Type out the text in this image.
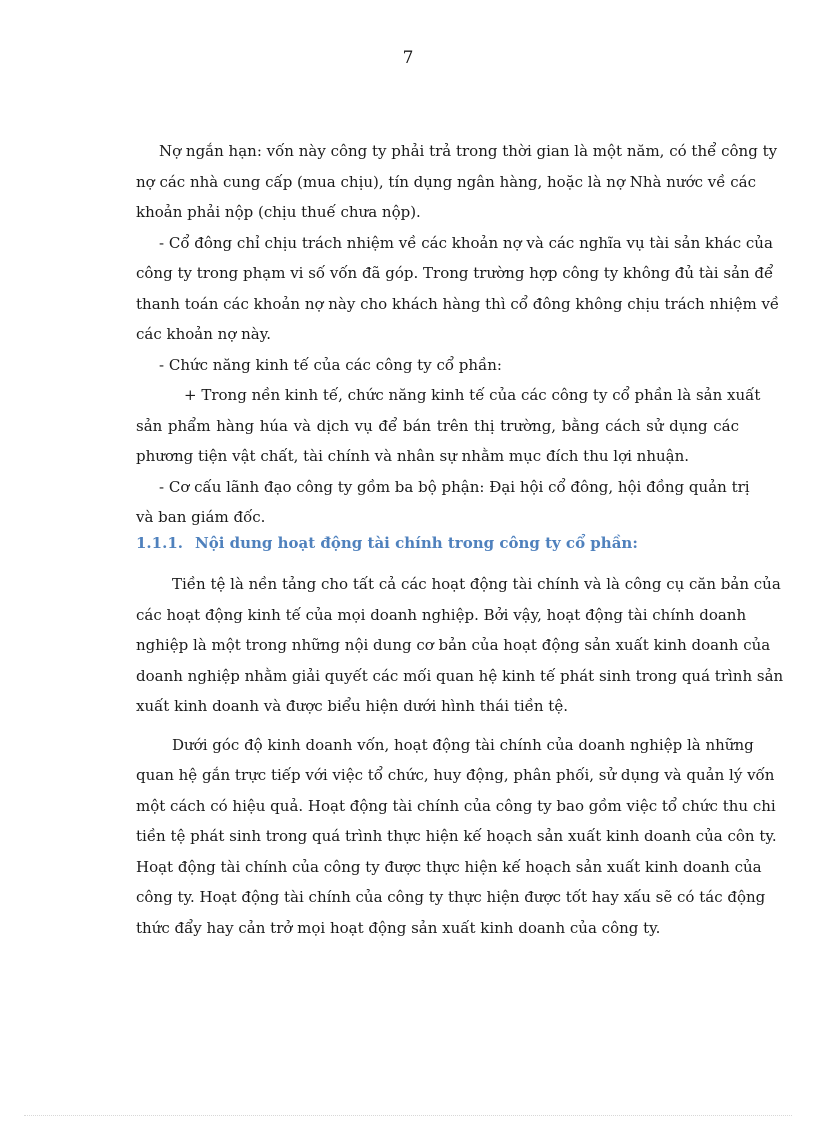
7
Nợ ngắn hạn: vốn này công ty phải trả trong thời gian là một năm, có thể công ty
nợ các nhà cung cấp (mua chịu), tín dụng ngân hàng, hoặc là nợ Nhà nước về các
khoản phải nộp (chịu thuế chưa nộp).
- Cổ đông chỉ chịu trách nhiệm về các khoản nợ và các nghĩa vụ tài sản khác của
công ty trong phạm vi số vốn đã góp. Trong trường hợp công ty không đủ tài sản để
thanh toán các khoản nợ này cho khách hàng thì cổ đông không chịu trách nhiệm về
các khoản nợ này.
- Chức năng kinh tế của các công ty cổ phần:
+ Trong nền kinh tế, chức năng kinh tế của các công ty cổ phần là sản xuất
sản phẩm hàng húa và dịch vụ để bán trên thị trường, bằng cách sử dụng các
phương tiện vật chất, tài chính và nhân sự nhằm mục đích thu lợi nhuận.
- Cơ cấu lãnh đạo công ty gồm ba bộ phận: Đại hội cổ đông, hội đồng quản trị
và ban giám đốc.
1.1.1. Nội dung hoạt động tài chính trong công ty cổ phần:
Tiền tệ là nền tảng cho tất cả các hoạt động tài chính và là công cụ căn bản của
các hoạt động kinh tế của mọi doanh nghiệp. Bởi vậy, hoạt động tài chính doanh
nghiệp là một trong những nội dung cơ bản của hoạt động sản xuất kinh doanh của
doanh nghiệp nhằm giải quyết các mối quan hệ kinh tế phát sinh trong quá trình sản
xuất kinh doanh và được biểu hiện dưới hình thái tiền tệ.
Dưới góc độ kinh doanh vốn, hoạt động tài chính của doanh nghiệp là những
quan hệ gắn trực tiếp với việc tổ chức, huy động, phân phối, sử dụng và quản lý vốn
một cách có hiệu quả. Hoạt động tài chính của công ty bao gồm việc tổ chức thu chi
tiền tệ phát sinh trong quá trình thực hiện kế hoạch sản xuất kinh doanh của côn ty.
Hoạt động tài chính của công ty được thực hiện kế hoạch sản xuất kinh doanh của
công ty. Hoạt động tài chính của công ty thực hiện được tốt hay xấu sẽ có tác động
thức đẩy hay cản trở mọi hoạt động sản xuất kinh doanh của công ty.
